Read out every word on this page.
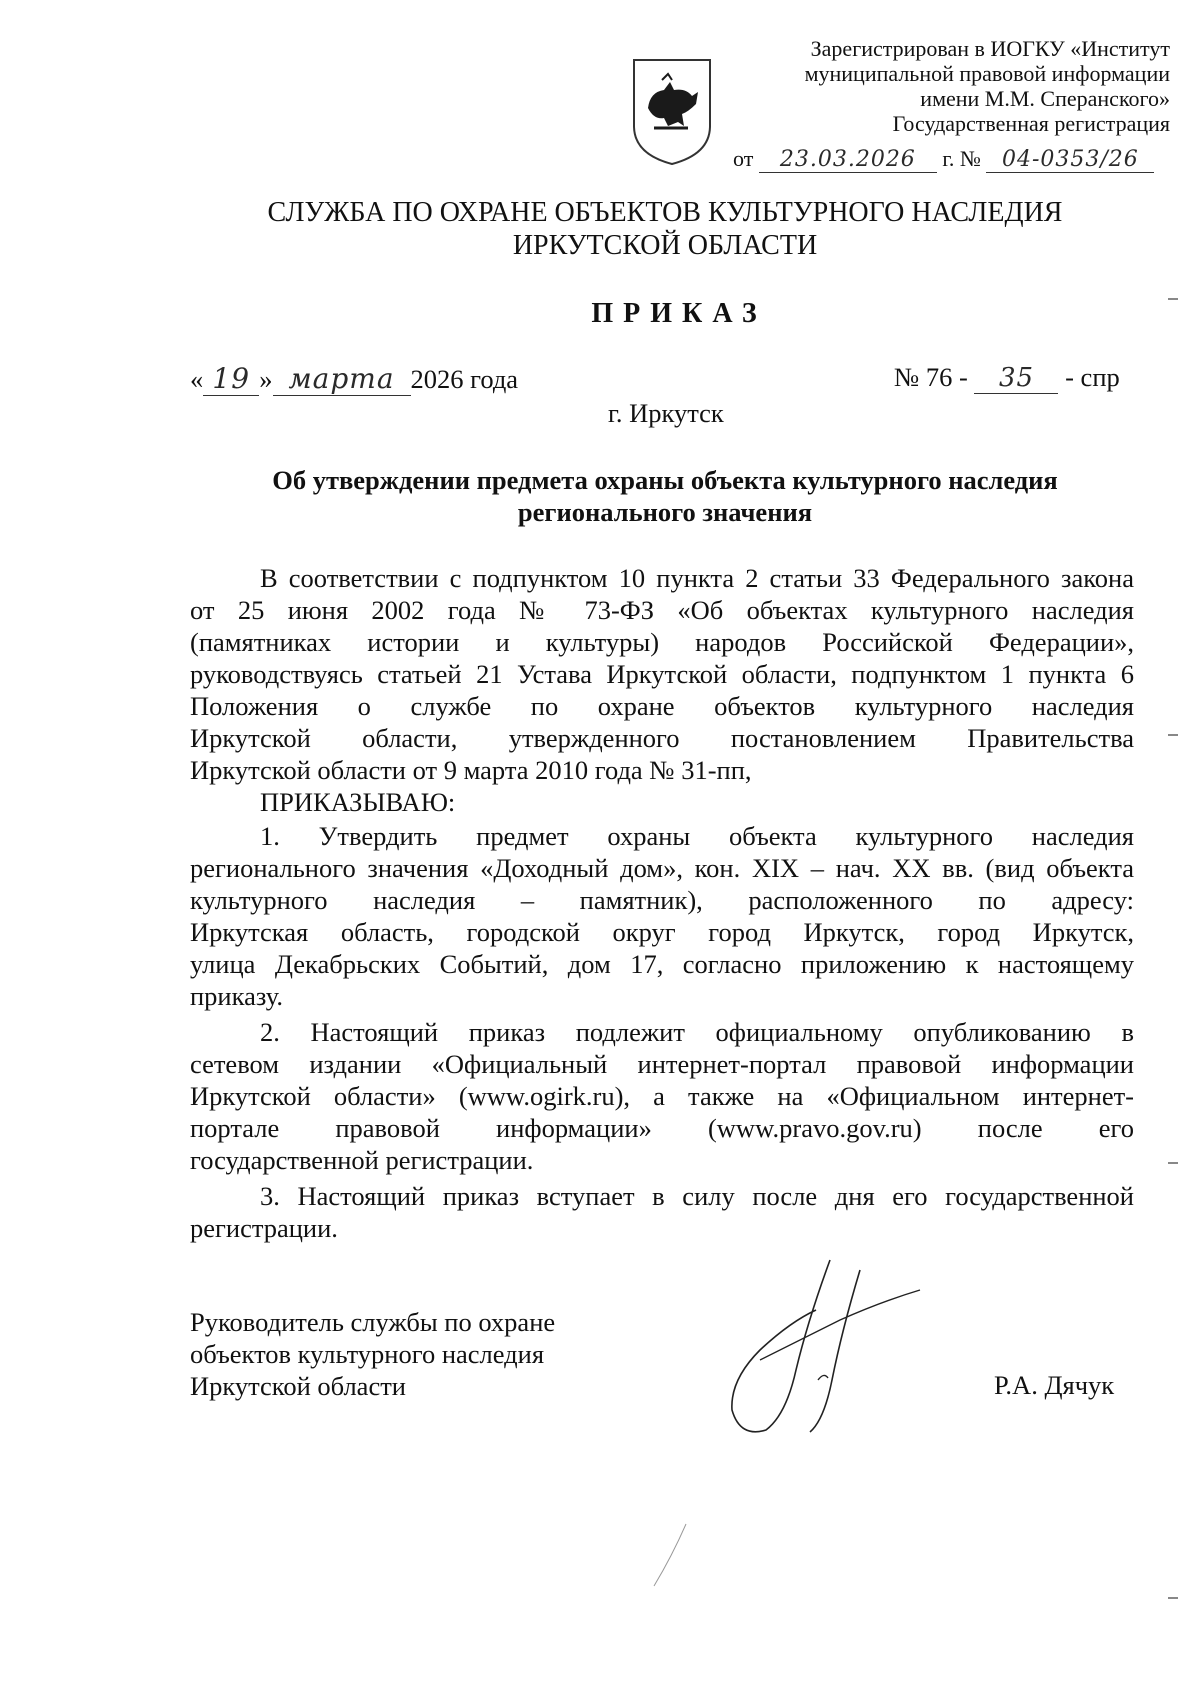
Зарегистрирован в ИОГКУ «Институт
муниципальной правовой информации
имени М.М. Сперанского»
Государственная регистрация
от 23.03.2026 г. № 04-0353/26
СЛУЖБА ПО ОХРАНЕ ОБЪЕКТОВ КУЛЬТУРНОГО НАСЛЕДИЯ
ИРКУТСКОЙ ОБЛАСТИ
ПРИКАЗ
« 19 » марта 2026 года	№ 76 - 35 - спр
г. Иркутск
Об утверждении предмета охраны объекта культурного наследия
регионального значения
В соответствии с подпунктом 10 пункта 2 статьи 33 Федерального закона
от 25 июня 2002 года № 73-ФЗ «Об объектах культурного наследия
(памятниках истории и культуры) народов Российской Федерации»,
руководствуясь статьей 21 Устава Иркутской области, подпунктом 1 пункта 6
Положения о службе по охране объектов культурного наследия
Иркутской области, утвержденного постановлением Правительства
Иркутской области от 9 марта 2010 года № 31-пп,
ПРИКАЗЫВАЮ:
1. Утвердить предмет охраны объекта культурного наследия
регионального значения «Доходный дом», кон. XIX – нач. XX вв. (вид объекта
культурного наследия – памятник), расположенного по адресу:
Иркутская область, городской округ город Иркутск, город Иркутск,
улица Декабрьских Событий, дом 17, согласно приложению к настоящему
приказу.
2. Настоящий приказ подлежит официальному опубликованию в
сетевом издании «Официальный интернет-портал правовой информации
Иркутской области» (www.ogirk.ru), а также на «Официальном интернет-
портале правовой информации» (www.pravo.gov.ru) после его
государственной регистрации.
3. Настоящий приказ вступает в силу после дня его государственной
регистрации.
Руководитель службы по охране
объектов культурного наследия
Иркутской области	Р.А. Дячук
